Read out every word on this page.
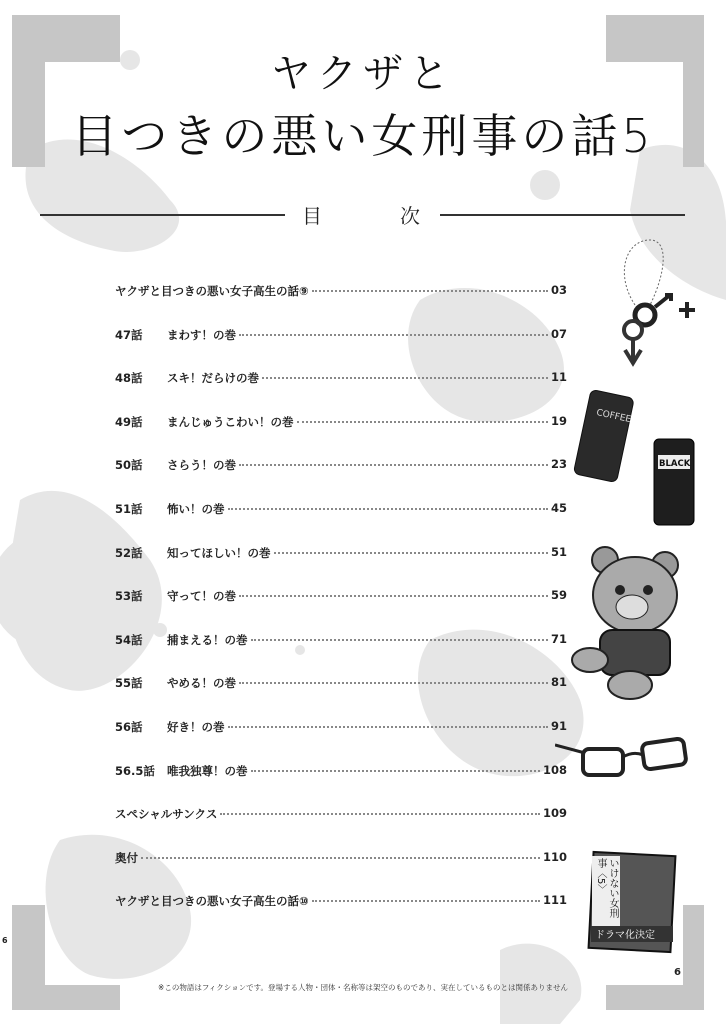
ヤクザと
目つきの悪い女刑事の話5
目	次
ヤクザと目つきの悪い女子高生の話⑨	03
47話	まわす！の巻	07
48話	スキ！だらけの巻	11
49話	まんじゅうこわい！の巻	19
50話	さらう！の巻	23
51話	怖い！の巻	45
52話	知ってほしい！の巻	51
53話	守って！の巻	59
54話	捕まえる！の巻	71
55話	やめる！の巻	81
56話	好き！の巻	91
56.5話	唯我独尊！の巻	108
スペシャルサンクス	109
奥付	110
ヤクザと目つきの悪い女子高生の話⑩	111
COFFEE
BLACK
ドラマ化決定
いけない女刑事〈5〉
6
6
※この物語はフィクションです。登場する人物・団体・名称等は架空のものであり、実在しているものとは関係ありません
